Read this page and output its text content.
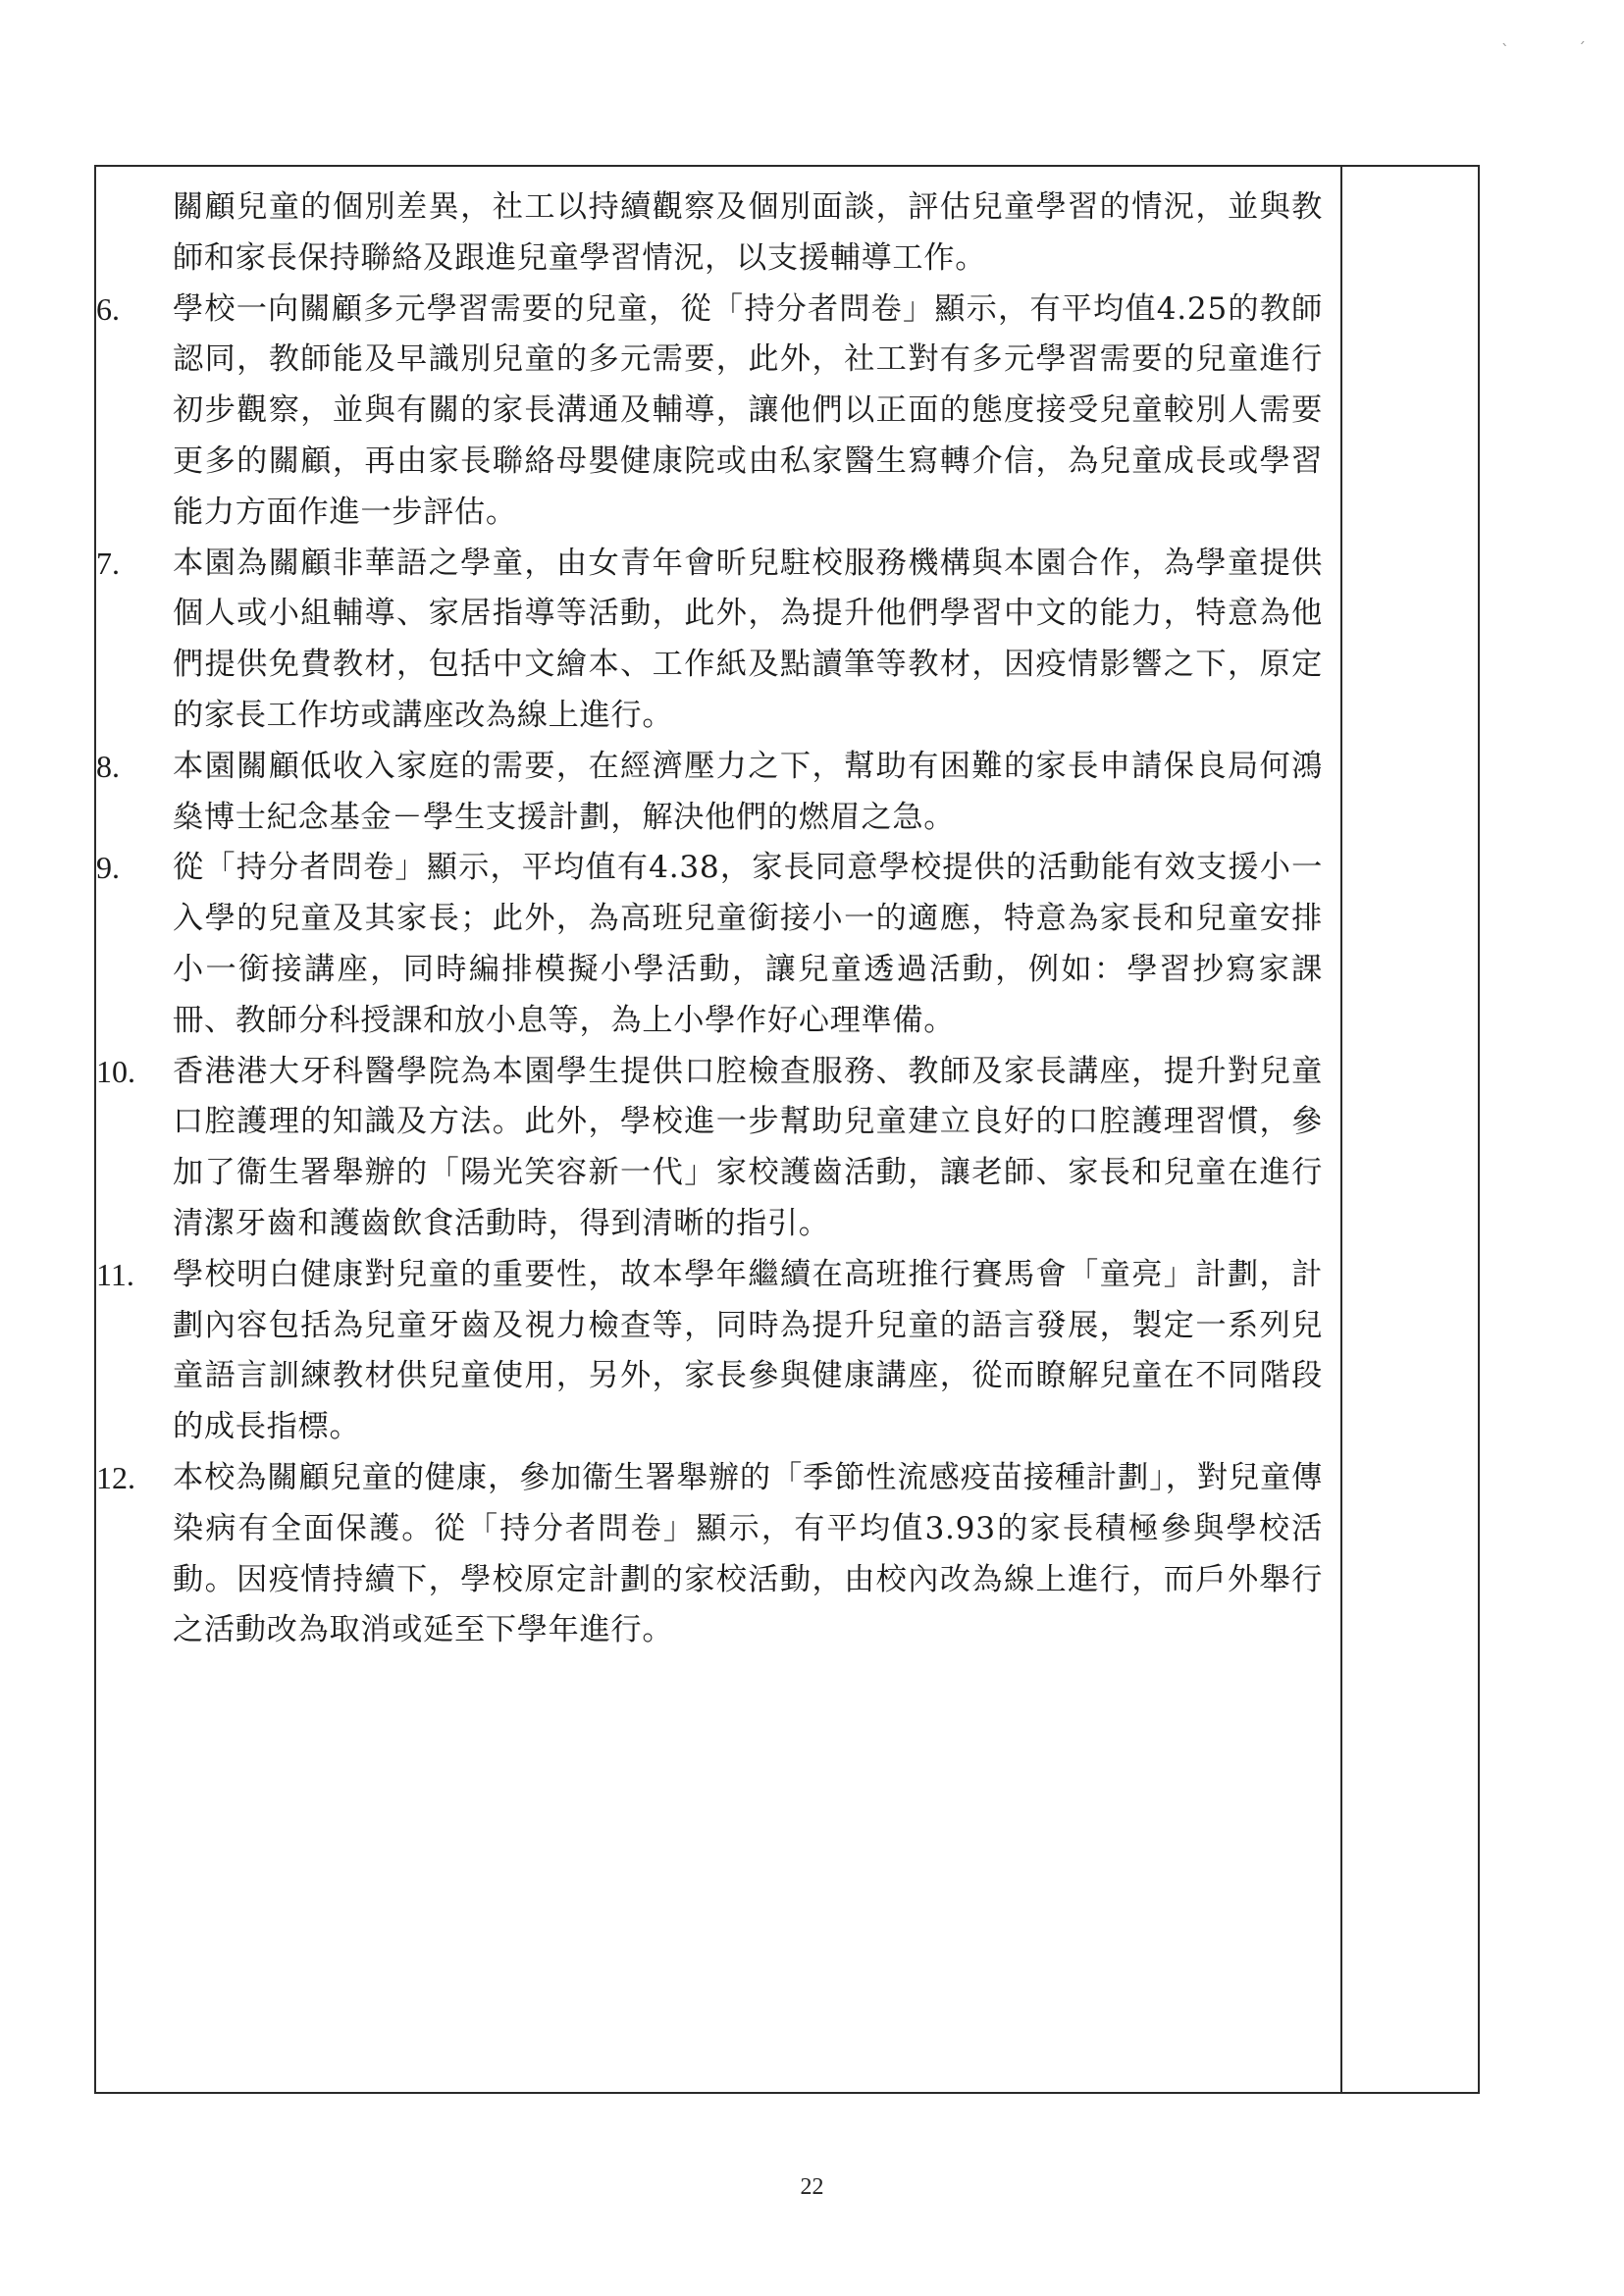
ˎ	ˏ
關顧兒童的個別差異，社工以持續觀察及個別面談，評估兒童學習的情況，並與教師和家長保持聯絡及跟進兒童學習情況，以支援輔導工作。
6.	學校一向關顧多元學習需要的兒童，從「持分者問卷」顯示，有平均值4.25的教師認同，教師能及早識別兒童的多元需要，此外，社工對有多元學習需要的兒童進行初步觀察，並與有關的家長溝通及輔導，讓他們以正面的態度接受兒童較別人需要更多的關顧，再由家長聯絡母嬰健康院或由私家醫生寫轉介信，為兒童成長或學習能力方面作進一步評估。
7.	本園為關顧非華語之學童，由女青年會昕兒駐校服務機構與本園合作，為學童提供個人或小組輔導、家居指導等活動，此外，為提升他們學習中文的能力，特意為他們提供免費教材，包括中文繪本、工作紙及點讀筆等教材，因疫情影響之下，原定的家長工作坊或講座改為線上進行。
8.	本園關顧低收入家庭的需要，在經濟壓力之下，幫助有困難的家長申請保良局何鴻燊博士紀念基金－學生支援計劃，解決他們的燃眉之急。
9.	從「持分者問卷」顯示，平均值有4.38，家長同意學校提供的活動能有效支援小一入學的兒童及其家長；此外，為高班兒童銜接小一的適應，特意為家長和兒童安排小一銜接講座，同時編排模擬小學活動，讓兒童透過活動，例如：學習抄寫家課冊、教師分科授課和放小息等，為上小學作好心理準備。
10.	香港港大牙科醫學院為本園學生提供口腔檢查服務、教師及家長講座，提升對兒童口腔護理的知識及方法。此外，學校進一步幫助兒童建立良好的口腔護理習慣，參加了衞生署舉辦的「陽光笑容新一代」家校護齒活動，讓老師、家長和兒童在進行清潔牙齒和護齒飲食活動時，得到清晰的指引。
11.	學校明白健康對兒童的重要性，故本學年繼續在高班推行賽馬會「童亮」計劃，計劃內容包括為兒童牙齒及視力檢查等，同時為提升兒童的語言發展，製定一系列兒童語言訓練教材供兒童使用，另外，家長參與健康講座，從而瞭解兒童在不同階段的成長指標。
12.	本校為關顧兒童的健康，參加衞生署舉辦的「季節性流感疫苗接種計劃」，對兒童傳染病有全面保護。從「持分者問卷」顯示，有平均值3.93的家長積極參與學校活動。因疫情持續下，學校原定計劃的家校活動，由校內改為線上進行，而戶外舉行之活動改為取消或延至下學年進行。
22
